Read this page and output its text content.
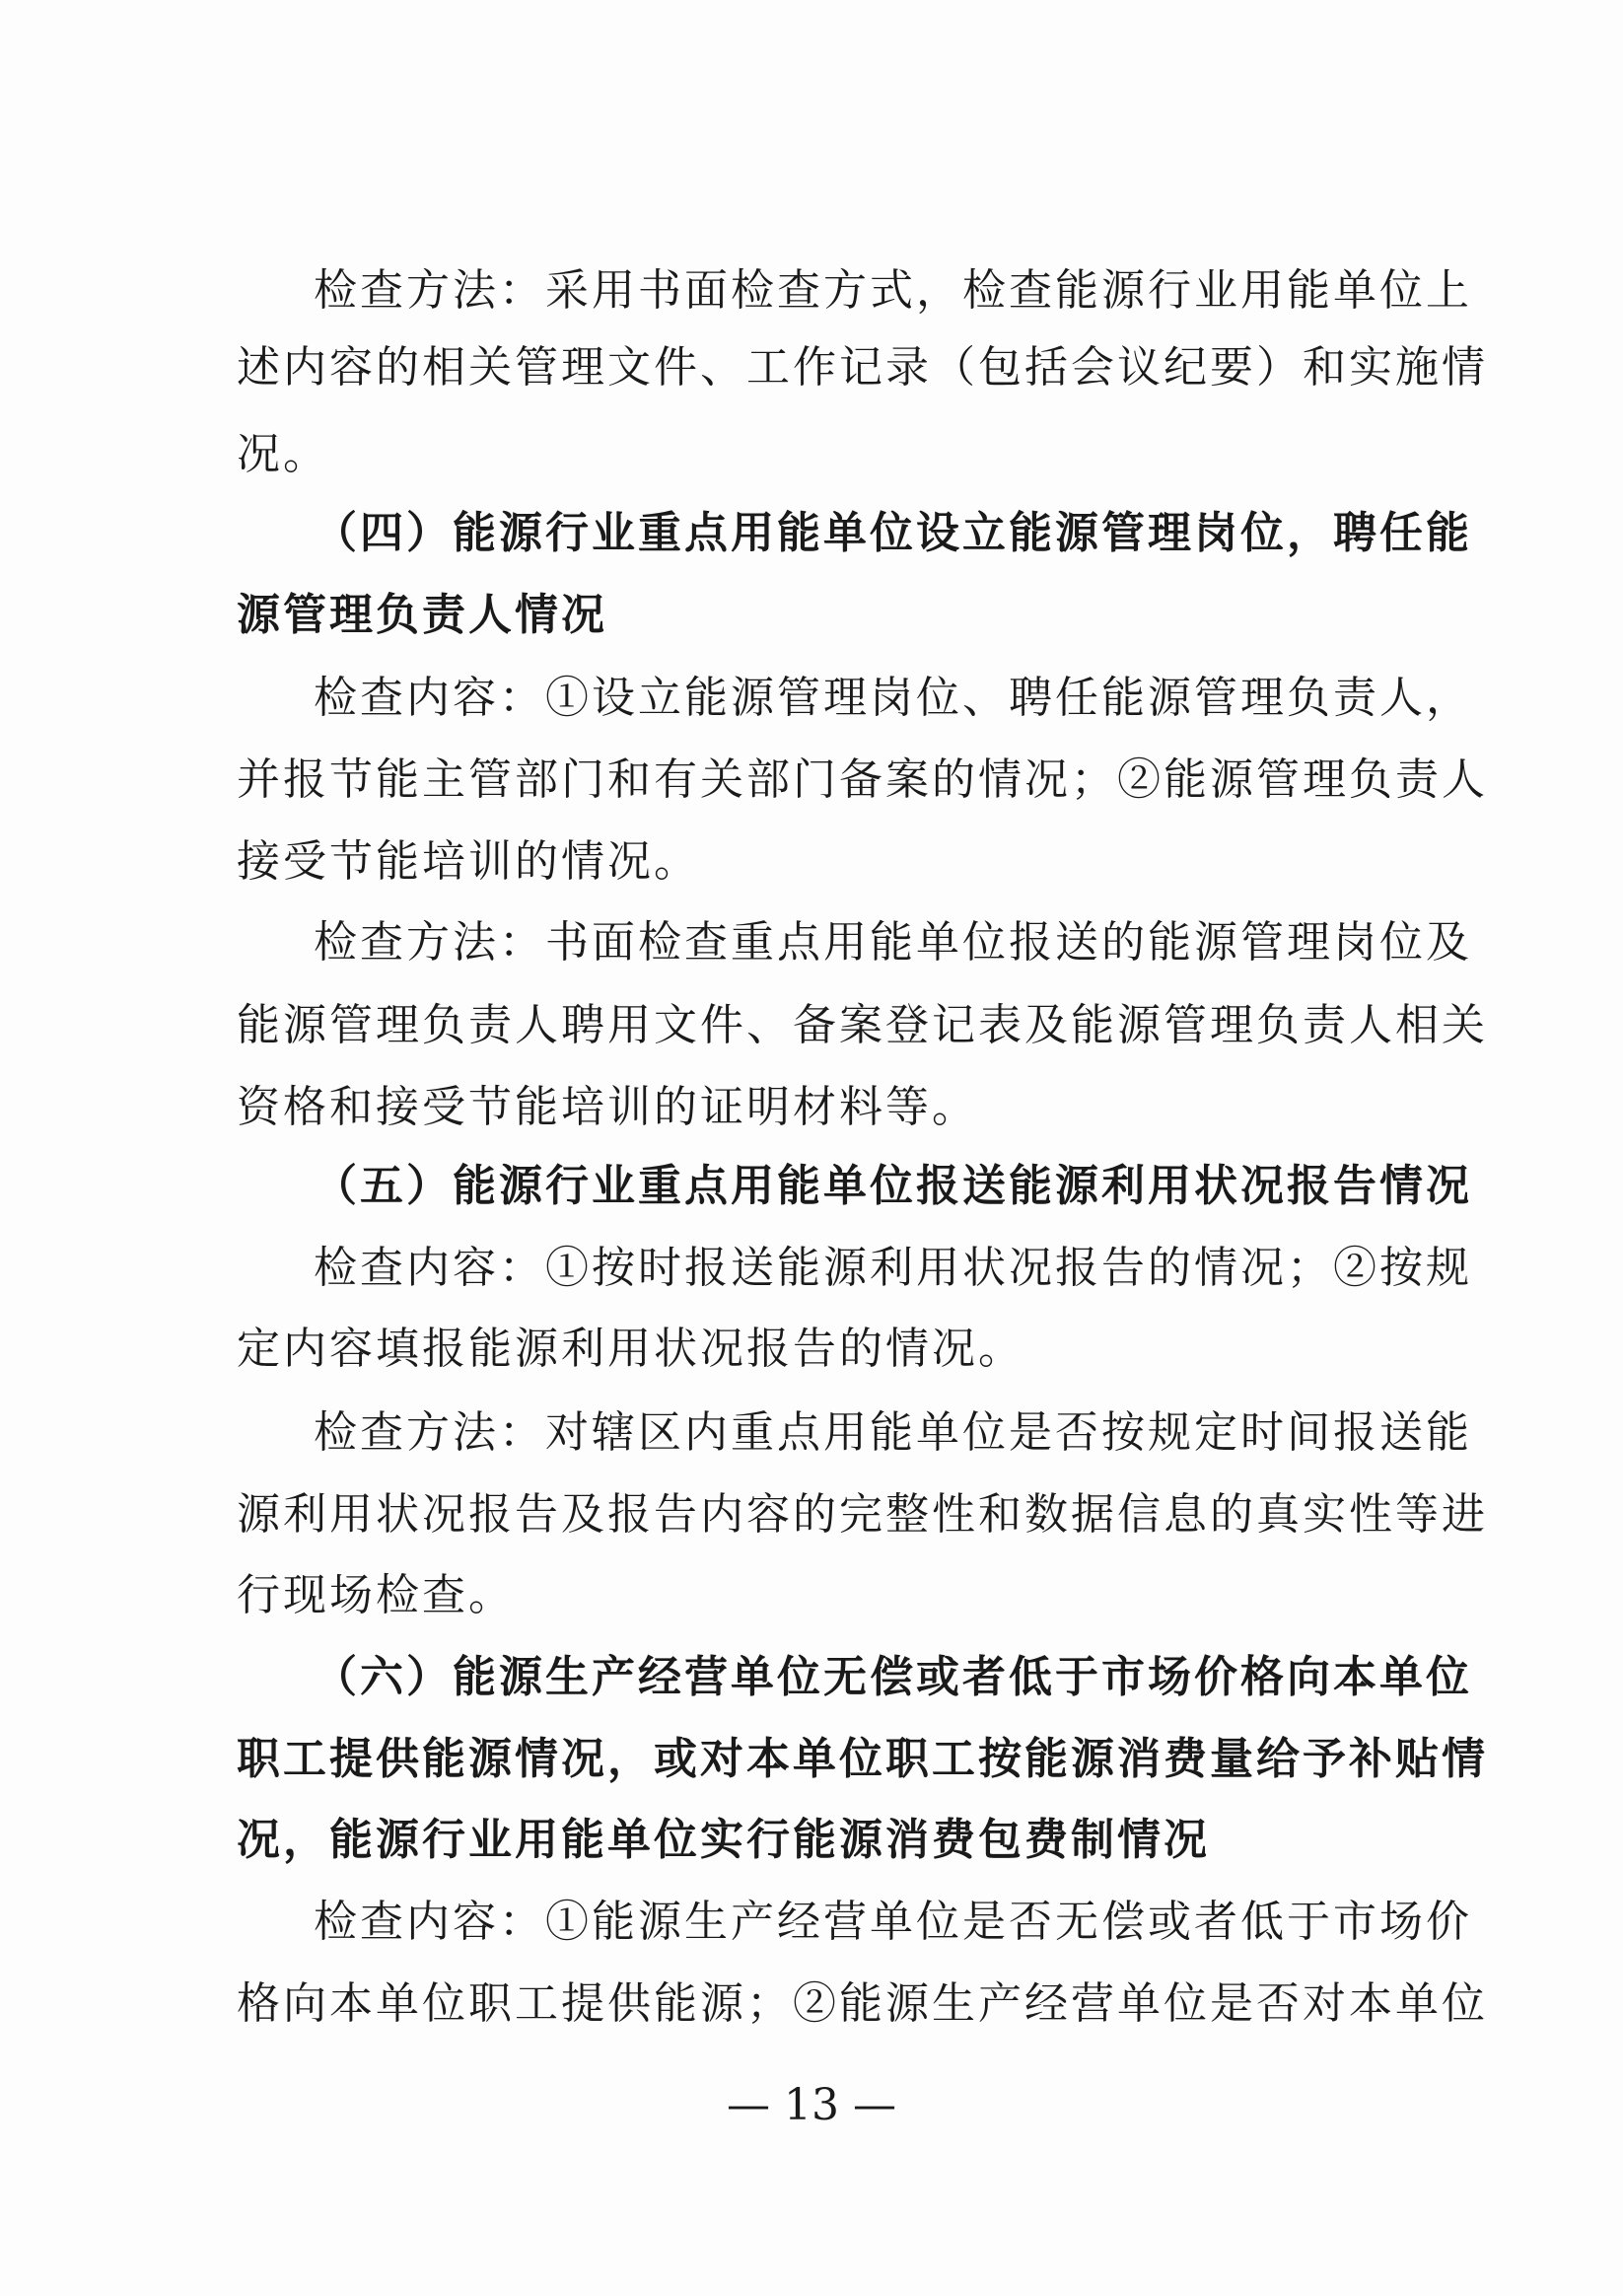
检查方法：采用书面检查方式，检查能源行业用能单位上
述内容的相关管理文件、工作记录（包括会议纪要）和实施情
况。
（四）能源行业重点用能单位设立能源管理岗位，聘任能
源管理负责人情况
检查内容：①设立能源管理岗位、聘任能源管理负责人，
并报节能主管部门和有关部门备案的情况；②能源管理负责人
接受节能培训的情况。
检查方法：书面检查重点用能单位报送的能源管理岗位及
能源管理负责人聘用文件、备案登记表及能源管理负责人相关
资格和接受节能培训的证明材料等。
（五）能源行业重点用能单位报送能源利用状况报告情况
检查内容：①按时报送能源利用状况报告的情况；②按规
定内容填报能源利用状况报告的情况。
检查方法：对辖区内重点用能单位是否按规定时间报送能
源利用状况报告及报告内容的完整性和数据信息的真实性等进
行现场检查。
（六）能源生产经营单位无偿或者低于市场价格向本单位
职工提供能源情况，或对本单位职工按能源消费量给予补贴情
况，能源行业用能单位实行能源消费包费制情况
检查内容：①能源生产经营单位是否无偿或者低于市场价
格向本单位职工提供能源；②能源生产经营单位是否对本单位
— 13 —
